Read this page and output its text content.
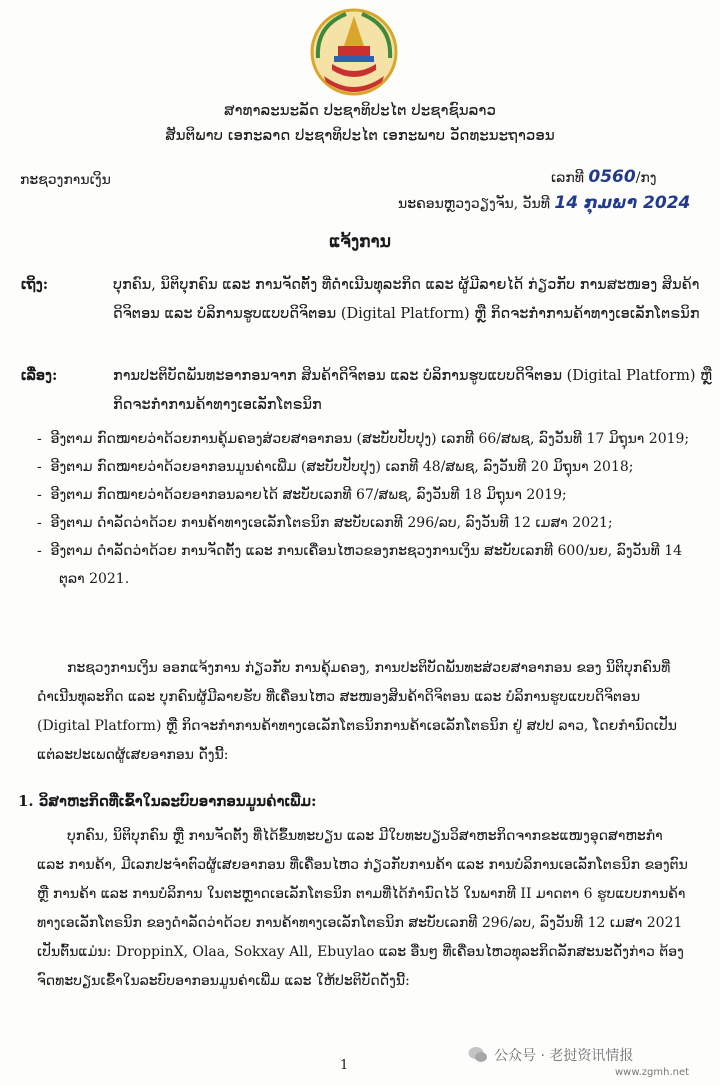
ສາທາລະນະລັດ ປະຊາທິປະໄຕ ປະຊາຊົນລາວ
ສັນຕິພາບ ເອກະລາດ ປະຊາທິປະໄຕ ເອກະພາບ ວັດທະນະຖາວອນ
ກະຊວງການເງິນ	ເລກທີ 0560/ກງ
ນະຄອນຫຼວງວຽງຈັນ, ວັນທີ 14 ກຸມພາ 2024
ແຈ້ງການ
ເຖິງ:	ບຸກຄົນ, ນິຕິບຸກຄົນ ແລະ ການຈັດຕັ້ງ ທີ່ດຳເນີນທຸລະກິດ ແລະ ຜູ້ມີລາຍໄດ້ ກ່ຽວກັບ ການສະໜອງ ສິນຄ້າດິຈິຕອນ ແລະ ບໍລິການຮູບແບບດິຈິຕອນ (Digital Platform) ຫຼື ກິດຈະກຳການຄ້າທາງເອເລັກໂຕຣນິກ
ເລື່ອງ:	ການປະຕິບັດພັນທະອາກອນຈາກ ສິນຄ້າດິຈິຕອນ ແລະ ບໍລິການຮູບແບບດິຈິຕອນ (Digital Platform) ຫຼື ກິດຈະກຳການຄ້າທາງເອເລັກໂຕຣນິກ
-  ອີງຕາມ ກົດໝາຍວ່າດ້ວຍການຄຸ້ມຄອງສ່ວຍສາອາກອນ (ສະບັບປັບປຸງ) ເລກທີ 66/ສພຊ, ລົງວັນທີ 17 ມິຖຸນາ 2019;
-  ອີງຕາມ ກົດໝາຍວ່າດ້ວຍອາກອນມູນຄ່າເພີ່ມ (ສະບັບປັບປຸງ) ເລກທີ 48/ສພຊ, ລົງວັນທີ 20 ມິຖຸນາ 2018;
-  ອີງຕາມ ກົດໝາຍວ່າດ້ວຍອາກອນລາຍໄດ້ ສະບັບເລກທີ 67/ສພຊ, ລົງວັນທີ 18 ມິຖຸນາ 2019;
-  ອີງຕາມ ດຳລັດວ່າດ້ວຍ ການຄ້າທາງເອເລັກໂຕຣນິກ ສະບັບເລກທີ 296/ລບ, ລົງວັນທີ 12 ເມສາ 2021;
-  ອີງຕາມ ດຳລັດວ່າດ້ວຍ ການຈັດຕັ້ງ ແລະ ການເຄື່ອນໄຫວຂອງກະຊວງການເງິນ ສະບັບເລກທີ 600/ນຍ, ລົງວັນທີ 14 ຕຸລາ 2021.
ກະຊວງການເງິນ ອອກແຈ້ງການ ກ່ຽວກັບ ການຄຸ້ມຄອງ, ການປະຕິບັດພັນທະສ່ວຍສາອາກອນ ຂອງ ນິຕິບຸກຄົນທີ່ດຳເນີນທຸລະກິດ ແລະ ບຸກຄົນຜູ້ມີລາຍຮັບ ທີ່ເຄື່ອນໄຫວ ສະໜອງສິນຄ້າດິຈິຕອນ ແລະ ບໍລິການຮູບແບບດິຈິຕອນ (Digital Platform) ຫຼື ກິດຈະກຳການຄ້າທາງເອເລັກໂຕຣນິກການຄ້າເອເລັກໂຕຣນິກ ຢູ່ ສປປ ລາວ, ໂດຍກຳນົດເປັນແຕ່ລະປະເພດຜູ້ເສຍອາກອນ ດັ່ງນີ້:
1. ວິສາຫະກິດທີ່ເຂົ້າໃນລະບົບອາກອນມູນຄ່າເພີ່ມ:
ບຸກຄົນ, ນິຕິບຸກຄົນ ຫຼື ການຈັດຕັ້ງ ທີ່ໄດ້ຂຶ້ນທະບຽນ ແລະ ມີໃບທະບຽນວິສາຫະກິດຈາກຂະແໜງອຸດສາຫະກຳ ແລະ ການຄ້າ, ມີເລກປະຈຳຕົວຜູ້ເສຍອາກອນ ທີ່ເຄື່ອນໄຫວ ກ່ຽວກັບການຄ້າ ແລະ ການບໍລິການເອເລັກໂຕຣນິກ ຂອງຕົນ ຫຼື ການຄ້າ ແລະ ການບໍລິການ ໃນຕະຫຼາດເອເລັກໂຕຣນິກ ຕາມທີ່ໄດ້ກຳນົດໄວ້ ໃນພາກທີ II ມາດຕາ 6 ຮູບແບບການຄ້າທາງເອເລັກໂຕຣນິກ ຂອງດຳລັດວ່າດ້ວຍ ການຄ້າທາງເອເລັກໂຕຣນິກ ສະບັບເລກທີ 296/ລບ, ລົງວັນທີ 12 ເມສາ 2021 ເປັນຕົ້ນແມ່ນ: DroppinX, Olaa, Sokxay All, Ebuylao ແລະ ອື່ນໆ ທີ່ເຄື່ອນໄຫວທຸລະກິດລັກສະນະດັ່ງກ່າວ ຕ້ອງຈົດທະບຽນເຂົ້າໃນລະບົບອາກອນມູນຄ່າເພີ່ມ ແລະ ໃຫ້ປະຕິບັດດັ່ງນີ້:
1
公众号 · 老挝资讯情报
www.zgmh.net
